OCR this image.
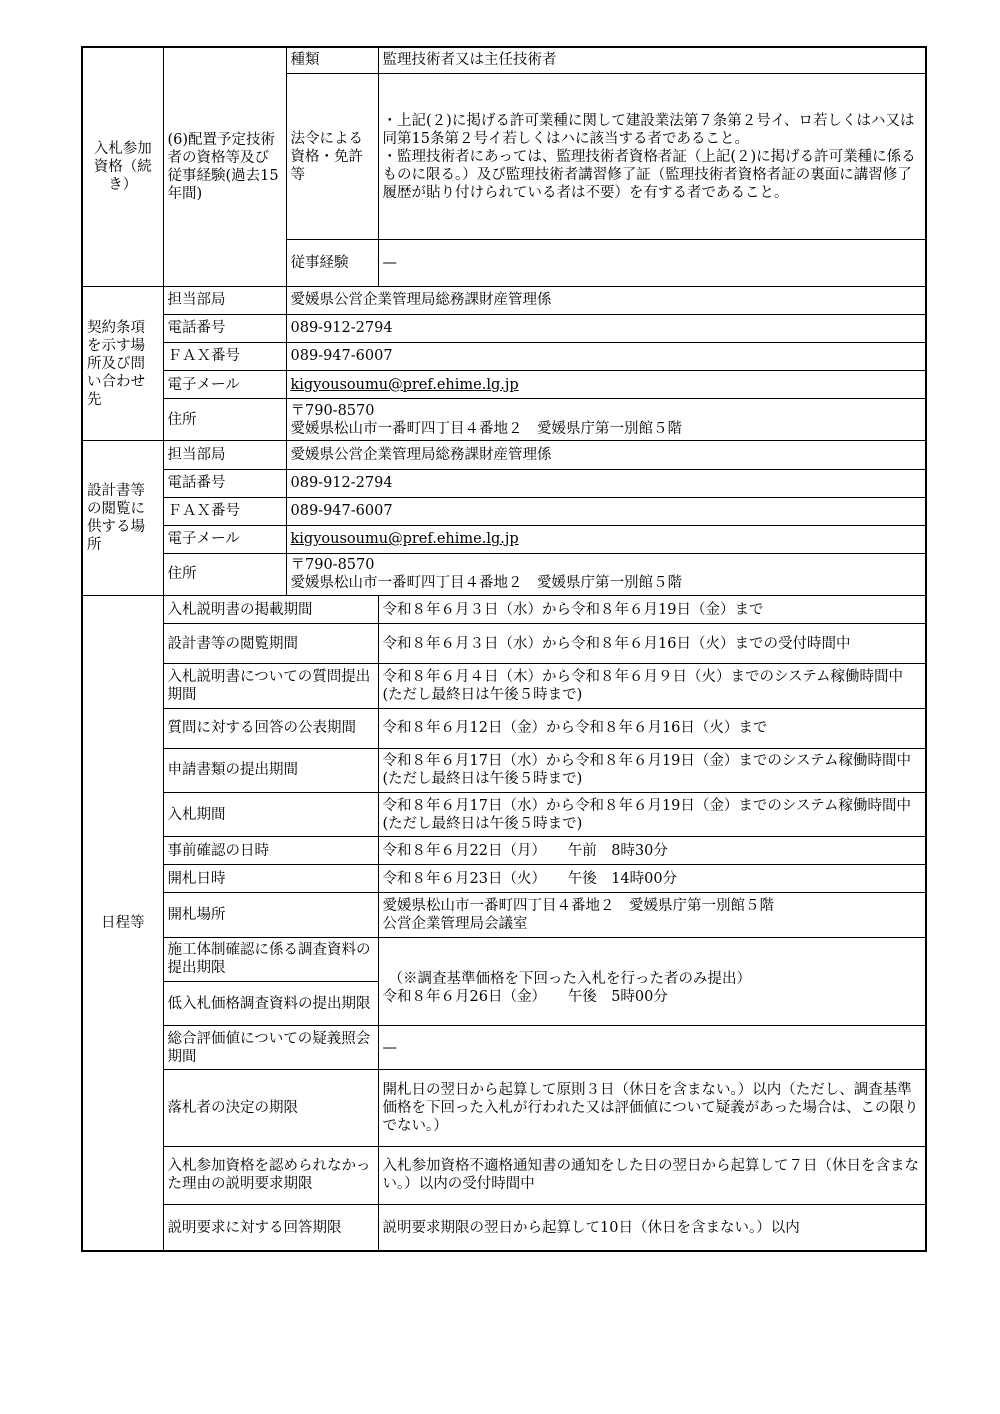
入札参加資格（続き）	(6)配置予定技術者の資格等及び従事経験(過去15年間)	種類	監理技術者又は主任技術者
		法令による資格・免許等	・上記(２)に掲げる許可業種に関して建設業法第７条第２号イ、ロ若しくはハ又は同第15条第２号イ若しくはハに該当する者であること。
・監理技術者にあっては、監理技術者資格者証（上記(２)に掲げる許可業種に係るものに限る。）及び監理技術者講習修了証（監理技術者資格者証の裏面に講習修了履歴が貼り付けられている者は不要）を有する者であること。

		従事経験	—
契約条項を示す場所及び問い合わせ先	担当部局	愛媛県公営企業管理局総務課財産管理係	
	電話番号	089-912-2794	
	ＦＡＸ番号	089-947-6007	
	電子メール	kigyousoumu@pref.ehime.lg.jp	
	住所	〒790-8570
愛媛県松山市一番町四丁目４番地２　愛媛県庁第一別館５階	

設計書等の閲覧に供する場所	担当部局	愛媛県公営企業管理局総務課財産管理係	
	電話番号	089-912-2794	
	ＦＡＸ番号	089-947-6007	
	電子メール	kigyousoumu@pref.ehime.lg.jp	
	住所	〒790-8570
愛媛県松山市一番町四丁目４番地２　愛媛県庁第一別館５階	

日程等	入札説明書の掲載期間		令和８年６月３日（水）から令和８年６月19日（金）まで
	設計書等の閲覧期間		令和８年６月３日（水）から令和８年６月16日（火）までの受付時間中
	入札説明書についての質問提出期間		令和８年６月４日（木）から令和８年６月９日（火）までのシステム稼働時間中(ただし最終日は午後５時まで)
	質問に対する回答の公表期間		令和８年６月12日（金）から令和８年６月16日（火）まで
	申請書類の提出期間		令和８年６月17日（水）から令和８年６月19日（金）までのシステム稼働時間中(ただし最終日は午後５時まで)
	入札期間		令和８年６月17日（水）から令和８年６月19日（金）までのシステム稼働時間中(ただし最終日は午後５時まで)
	事前確認の日時		令和８年６月22日（月）　　午前　8時30分
	開札日時		令和８年６月23日（火）　　午後　14時00分
	開札場所		愛媛県松山市一番町四丁目４番地２　愛媛県庁第一別館５階
公営企業管理局会議室

	施工体制確認に係る調査資料の提出期限		（※調査基準価格を下回った入札を行った者のみ提出）
令和８年６月26日（金）　　午後　5時00分

	低入札価格調査資料の提出期限		
	総合評価値についての疑義照会期間		—
	落札者の決定の期限		開札日の翌日から起算して原則３日（休日を含まない。）以内（ただし、調査基準価格を下回った入札が行われた又は評価値について疑義があった場合は、この限りでない。）
	入札参加資格を認められなかった理由の説明要求期限		入札参加資格不適格通知書の通知をした日の翌日から起算して７日（休日を含まない。）以内の受付時間中
	説明要求に対する回答期限		説明要求期限の翌日から起算して10日（休日を含まない。）以内
